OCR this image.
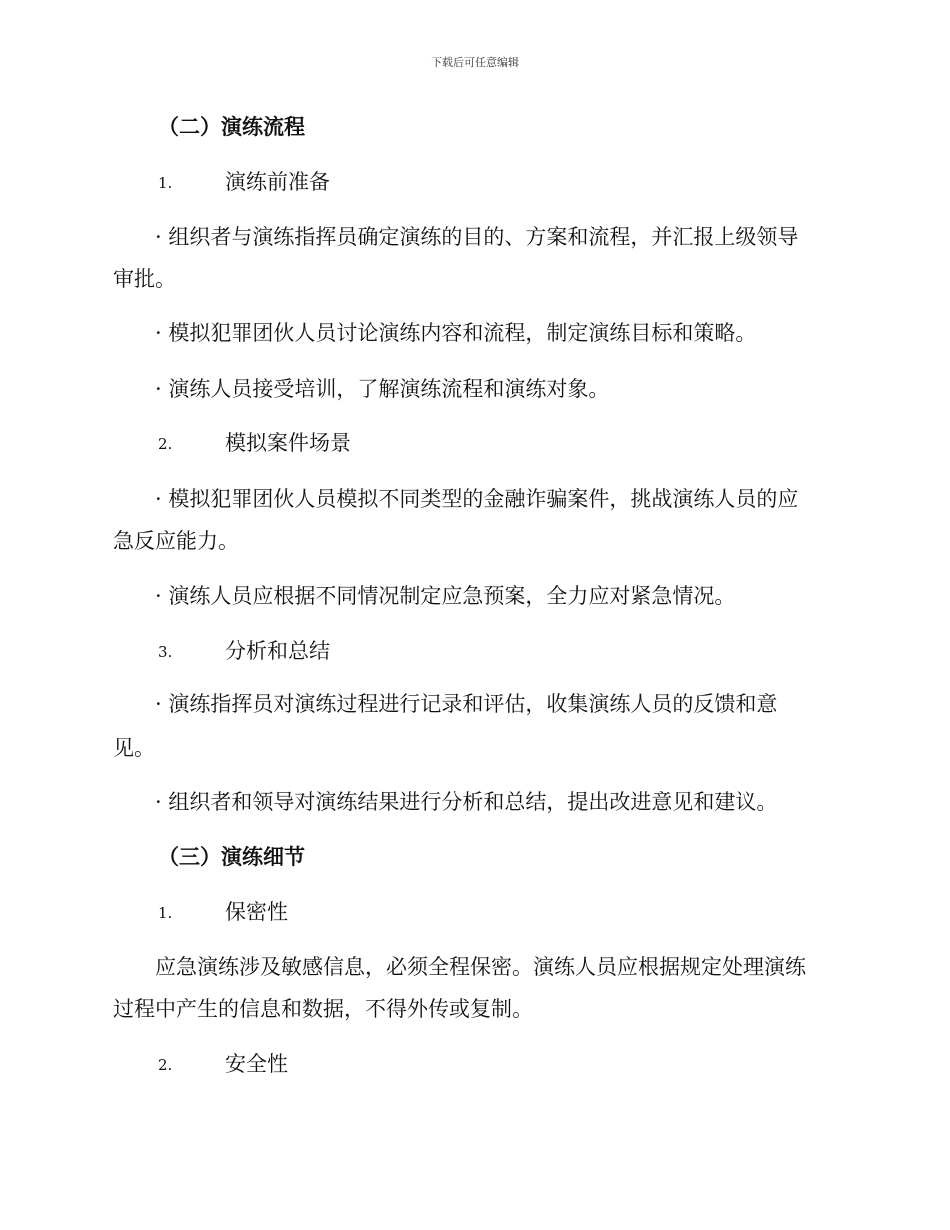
下载后可任意编辑
（二）演练流程
1.	演练前准备
· 组织者与演练指挥员确定演练的目的、方案和流程，并汇报上级领导
审批。
· 模拟犯罪团伙人员讨论演练内容和流程，制定演练目标和策略。
· 演练人员接受培训，了解演练流程和演练对象。
2.	模拟案件场景
· 模拟犯罪团伙人员模拟不同类型的金融诈骗案件，挑战演练人员的应
急反应能力。
· 演练人员应根据不同情况制定应急预案，全力应对紧急情况。
3.	分析和总结
· 演练指挥员对演练过程进行记录和评估，收集演练人员的反馈和意
见。
· 组织者和领导对演练结果进行分析和总结，提出改进意见和建议。
（三）演练细节
1.	保密性
应急演练涉及敏感信息，必须全程保密。演练人员应根据规定处理演练
过程中产生的信息和数据，不得外传或复制。
2.	安全性
